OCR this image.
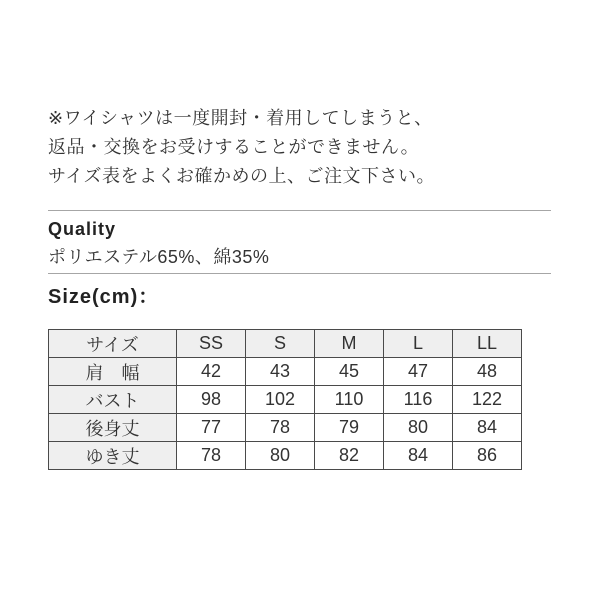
※ワイシャツは一度開封・着用してしまうと、
返品・交換をお受けすることができません。
サイズ表をよくお確かめの上、ご注文下さい。
Quality
ポリエステル65%、綿35%
Size(cm)：
サイズ	SS	S	M	L	LL
肩　幅	42	43	45	47	48
バスト	98	102	110	116	122
後身丈	77	78	79	80	84
ゆき丈	78	80	82	84	86
